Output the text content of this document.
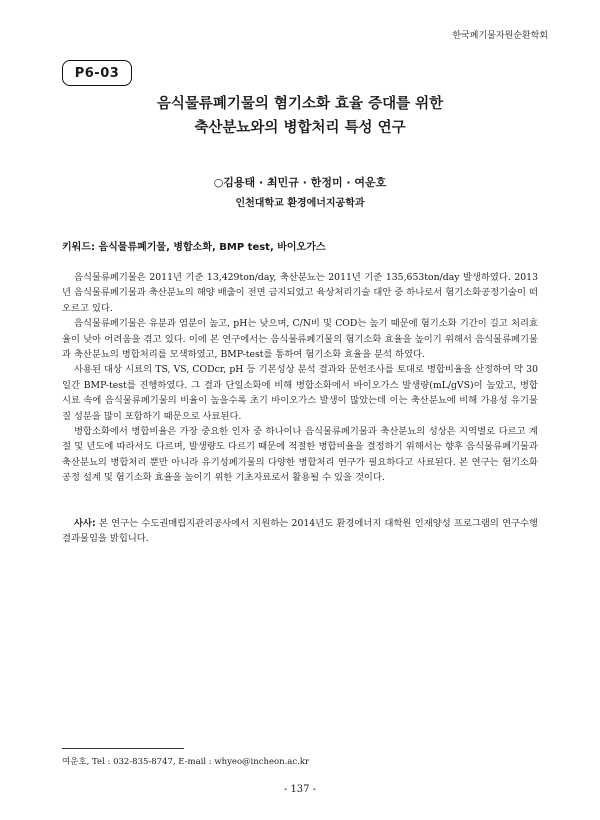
한국폐기물자원순환학회
P6-03
음식물류폐기물의 혐기소화 효율 증대를 위한
축산분뇨와의 병합처리 특성 연구
○김용태 · 최민규 · 한정미 · 여운호
인천대학교 환경에너지공학과
키워드: 음식물류폐기물, 병합소화, BMP test, 바이오가스

음식물류폐기물은 2011년 기준 13,429ton/day, 축산분뇨는 2011년 기준 135,653ton/day 발생하였다. 2013년 음식물류폐기물과 축산분뇨의 해양 배출이 전면 금지되었고 육상처리기술 대안 중 하나로서 혐기소화공정기술이 떠오르고 있다.

음식물류폐기물은 유분과 염분이 높고, pH는 낮으며, C/N비 및 COD는 높기 때문에 혐기소화 기간이 길고 처리효율이 낮아 어려움을 겪고 있다. 이에 본 연구에서는 음식물류폐기물의 혐기소화 효율을 높이기 위해서 음식물류폐기물과 축산분뇨의 병합처리를 모색하였고, BMP-test를 통하여 혐기소화 효율을 분석 하였다.

사용된 대상 시료의 TS, VS, CODcr, pH 등 기본성상 분석 결과와 문헌조사를 토대로 병합비율을 산정하여 약 30일간 BMP-test를 진행하였다. 그 결과 단일소화에 비해 병합소화에서 바이오가스 발생량(mL/gVS)이 높았고, 병합시료 속에 음식물류폐기물의 비율이 높을수록 초기 바이오가스 발생이 많았는데 이는 축산분뇨에 비해 가용성 유기물질 성분을 많이 포함하기 때문으로 사료된다.

병합소화에서 병합비율은 가장 중요한 인자 중 하나이나 음식물류폐기물과 축산분뇨의 성상은 지역별로 다르고 계절 및 년도에 따라서도 다르며, 발생량도 다르기 때문에 적절한 병합비율을 결정하기 위해서는 향후 음식물류폐기물과 축산분뇨의 병합처리 뿐만 아니라 유기성폐기물의 다양한 병합처리 연구가 필요하다고 사료된다. 본 연구는 혐기소화공정 설계 및 혐기소화 효율을 높이기 위한 기초자료로서 활용될 수 있을 것이다.

사사: 본 연구는 수도권매립지관리공사에서 지원하는 2014년도 환경에너지 대학원 인재양성 프로그램의 연구수행 결과물임을 밝힙니다.

여운호, Tel : 032-835-8747, E-mail : whyeo@incheon.ac.kr
- 137 -
